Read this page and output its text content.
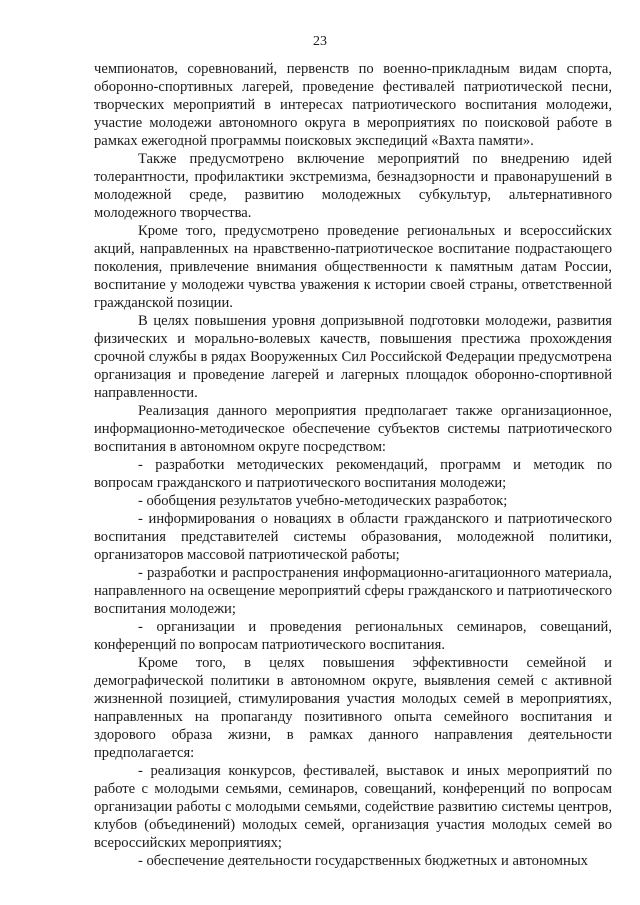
23

чемпионатов, соревнований, первенств по военно-прикладным видам спорта, оборонно-спортивных лагерей, проведение фестивалей патриотической песни, творческих мероприятий в интересах патриотического воспитания молодежи, участие молодежи автономного округа в мероприятиях по поисковой работе в рамках ежегодной программы поисковых экспедиций «Вахта памяти».

Также предусмотрено включение мероприятий по внедрению идей толерантности, профилактики экстремизма, безнадзорности и правонарушений в молодежной среде, развитию молодежных субкультур, альтернативного молодежного творчества.

Кроме того, предусмотрено проведение региональных и всероссийских акций, направленных на нравственно-патриотическое воспитание подрастающего поколения, привлечение внимания общественности к памятным датам России, воспитание у молодежи чувства уважения к истории своей страны, ответственной гражданской позиции.

В целях повышения уровня допризывной подготовки молодежи, развития физических и морально-волевых качеств, повышения престижа прохождения срочной службы в рядах Вооруженных Сил Российской Федерации предусмотрена организация и проведение лагерей и лагерных площадок оборонно-спортивной направленности.

Реализация данного мероприятия предполагает также организационное, информационно-методическое обеспечение субъектов системы патриотического воспитания в автономном округе посредством:

- разработки методических рекомендаций, программ и методик по вопросам гражданского и патриотического воспитания молодежи;

- обобщения результатов учебно-методических разработок;

- информирования о новациях в области гражданского и патриотического воспитания представителей системы образования, молодежной политики, организаторов массовой патриотической работы;

- разработки и распространения информационно-агитационного материала, направленного на освещение мероприятий сферы гражданского и патриотического воспитания молодежи;

- организации и проведения региональных семинаров, совещаний, конференций по вопросам патриотического воспитания.

Кроме того, в целях повышения эффективности семейной и демографической политики в автономном округе, выявления семей с активной жизненной позицией, стимулирования участия молодых семей в мероприятиях, направленных на пропаганду позитивного опыта семейного воспитания и здорового образа жизни, в рамках данного направления деятельности предполагается:

- реализация конкурсов, фестивалей, выставок и иных мероприятий по работе с молодыми семьями, семинаров, совещаний, конференций по вопросам организации работы с молодыми семьями, содействие развитию системы центров, клубов (объединений) молодых семей, организация участия молодых семей во всероссийских мероприятиях;

- обеспечение деятельности государственных бюджетных и автономных
